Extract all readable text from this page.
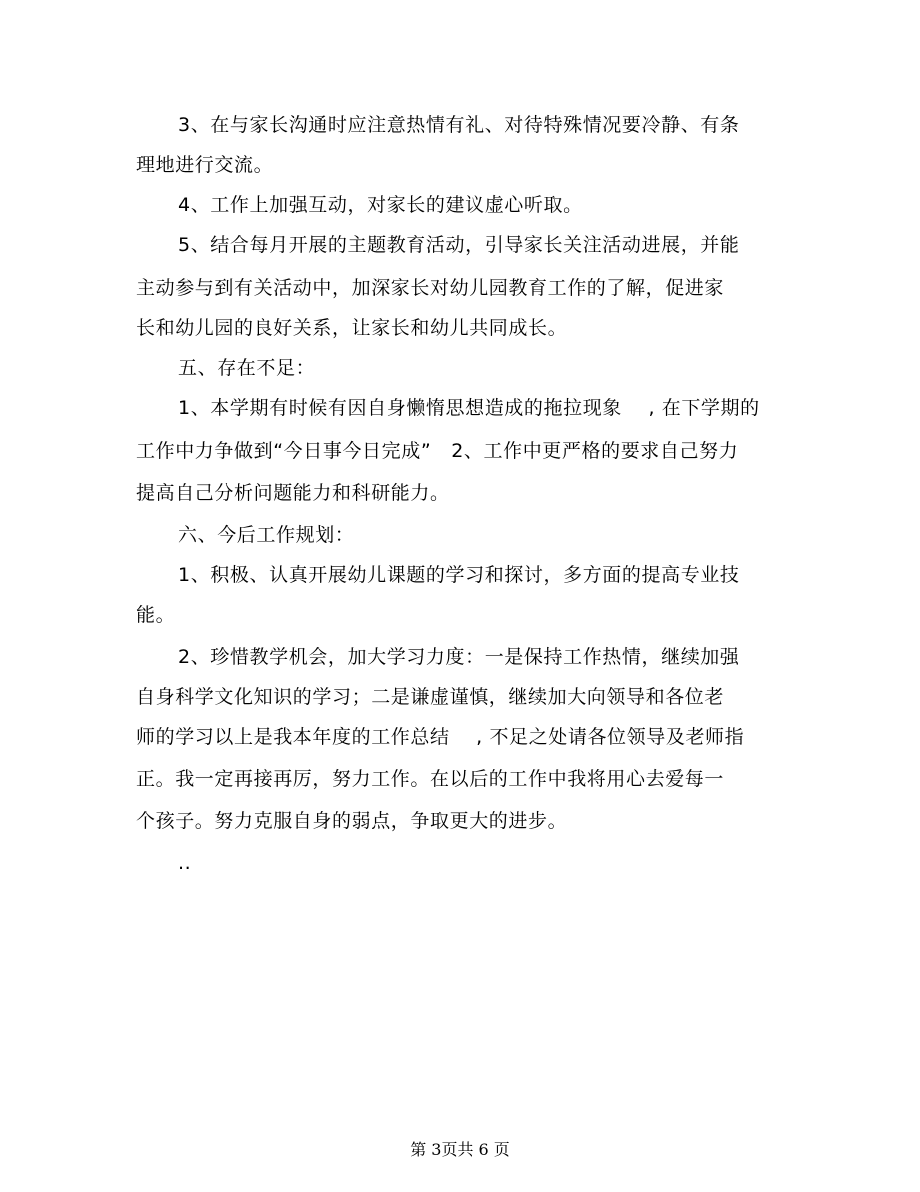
3、在与家长沟通时应注意热情有礼、对待特殊情况要冷静、有条
理地进行交流。
4、工作上加强互动，对家长的建议虚心听取。
5、结合每月开展的主题教育活动，引导家长关注活动进展，并能
主动参与到有关活动中，加深家长对幼儿园教育工作的了解，促进家
长和幼儿园的良好关系，让家长和幼儿共同成长。
五、存在不足：
1、本学期有时候有因自身懒惰思想造成的拖拉现象    , 在下学期的
工作中力争做到“今日事今日完成”   2、工作中更严格的要求自己努力
提高自己分析问题能力和科研能力。
六、今后工作规划：
1、积极、认真开展幼儿课题的学习和探讨，多方面的提高专业技
能。
2、珍惜教学机会，加大学习力度：一是保持工作热情，继续加强
自身科学文化知识的学习；二是谦虚谨慎，继续加大向领导和各位老
师的学习以上是我本年度的工作总结    , 不足之处请各位领导及老师指
正。我一定再接再厉，努力工作。在以后的工作中我将用心去爱每一
个孩子。努力克服自身的弱点，争取更大的进步。
..
第 3页共 6 页
